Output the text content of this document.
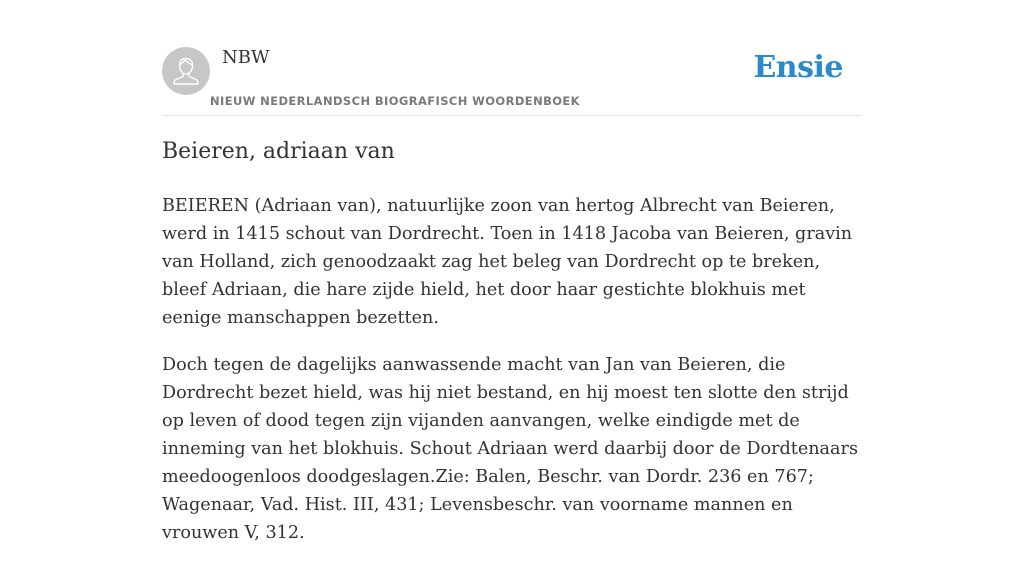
NBW
NIEUW NEDERLANDSCH BIOGRAFISCH WOORDENBOEK
Ensie
Beieren, adriaan van

BEIEREN (Adriaan van), natuurlijke zoon van hertog Albrecht van Beieren, werd in 1415 schout van Dordrecht. Toen in 1418 Jacoba van Beieren, gravin van Holland, zich genoodzaakt zag het beleg van Dordrecht op te breken, bleef Adriaan, die hare zijde hield, het door haar gestichte blokhuis met eenige manschappen bezetten.

Doch tegen de dagelijks aanwassende macht van Jan van Beieren, die Dordrecht bezet hield, was hij niet bestand, en hij moest ten slotte den strijd op leven of dood tegen zijn vijanden aanvangen, welke eindigde met de inneming van het blokhuis. Schout Adriaan werd daarbij door de Dordtenaars meedoogenloos doodgeslagen.Zie: Balen, Beschr. van Dordr. 236 en 767; Wagenaar, Vad. Hist. III, 431; Levensbeschr. van voorname mannen en vrouwen V, 312.
